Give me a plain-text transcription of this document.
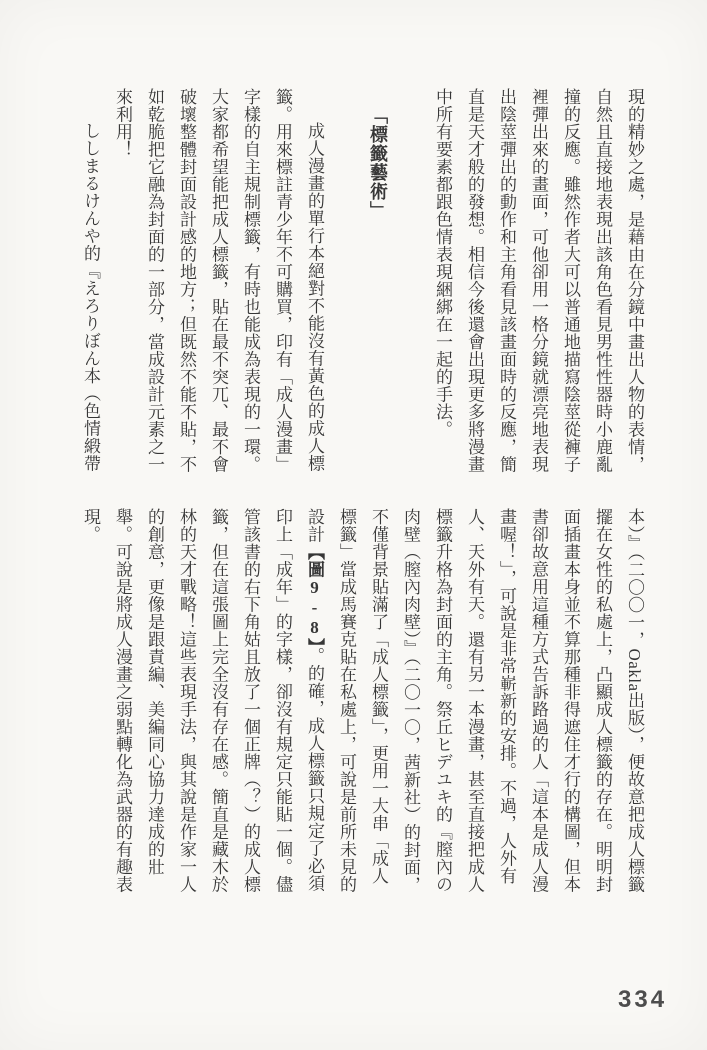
現的精妙之處，是藉由在分鏡中畫出人物的表情，自然且直接地表現出該角色看見男性性器時小鹿亂撞的反應。雖然作者大可以普通地描寫陰莖從褲子裡彈出來的畫面，可他卻用一格分鏡就漂亮地表現出陰莖彈出的動作和主角看見該畫面時的反應，簡直是天才般的發想。相信今後還會出現更多將漫畫中所有要素都跟色情表現綑綁在一起的手法。

「標籤藝術」

成人漫畫的單行本絕對不能沒有黃色的成人標籤。用來標註青少年不可購買，印有「成人漫畫」字樣的自主規制標籤，有時也能成為表現的一環。大家都希望能把成人標籤，貼在最不突兀、最不會破壞整體封面設計感的地方；但既然不能不貼，不如乾脆把它融為封面的一部分，當成設計元素之一來利用！

ししまるけんや的『えろりぼん本（色情緞帶

本）』（二〇〇一，Oakla出版），便故意把成人標籤擺在女性的私處上，凸顯成人標籤的存在。明明封面插畫本身並不算那種非得遮住才行的構圖，但本書卻故意用這種方式告訴路過的人「這本是成人漫畫喔！」，可說是非常嶄新的安排。不過，人外有人、天外有天。還有另一本漫畫，甚至直接把成人標籤升格為封面的主角。祭丘ヒデユキ的『膣內の肉壁（膣內肉壁）』（二〇一〇，茜新社）的封面，不僅背景貼滿了「成人標籤」，更用一大串「成人標籤」當成馬賽克貼在私處上，可說是前所未見的設計【圖9-8】。的確，成人標籤只規定了必須印上「成年」的字樣，卻沒有規定只能貼一個。儘管該書的右下角姑且放了一個正牌（？）的成人標籤，但在這張圖上完全沒有存在感。簡直是藏木於林的天才戰略！這些表現手法，與其說是作家一人的創意，更像是跟責編、美編同心協力達成的壯舉。可說是將成人漫畫之弱點轉化為武器的有趣表現。

334
